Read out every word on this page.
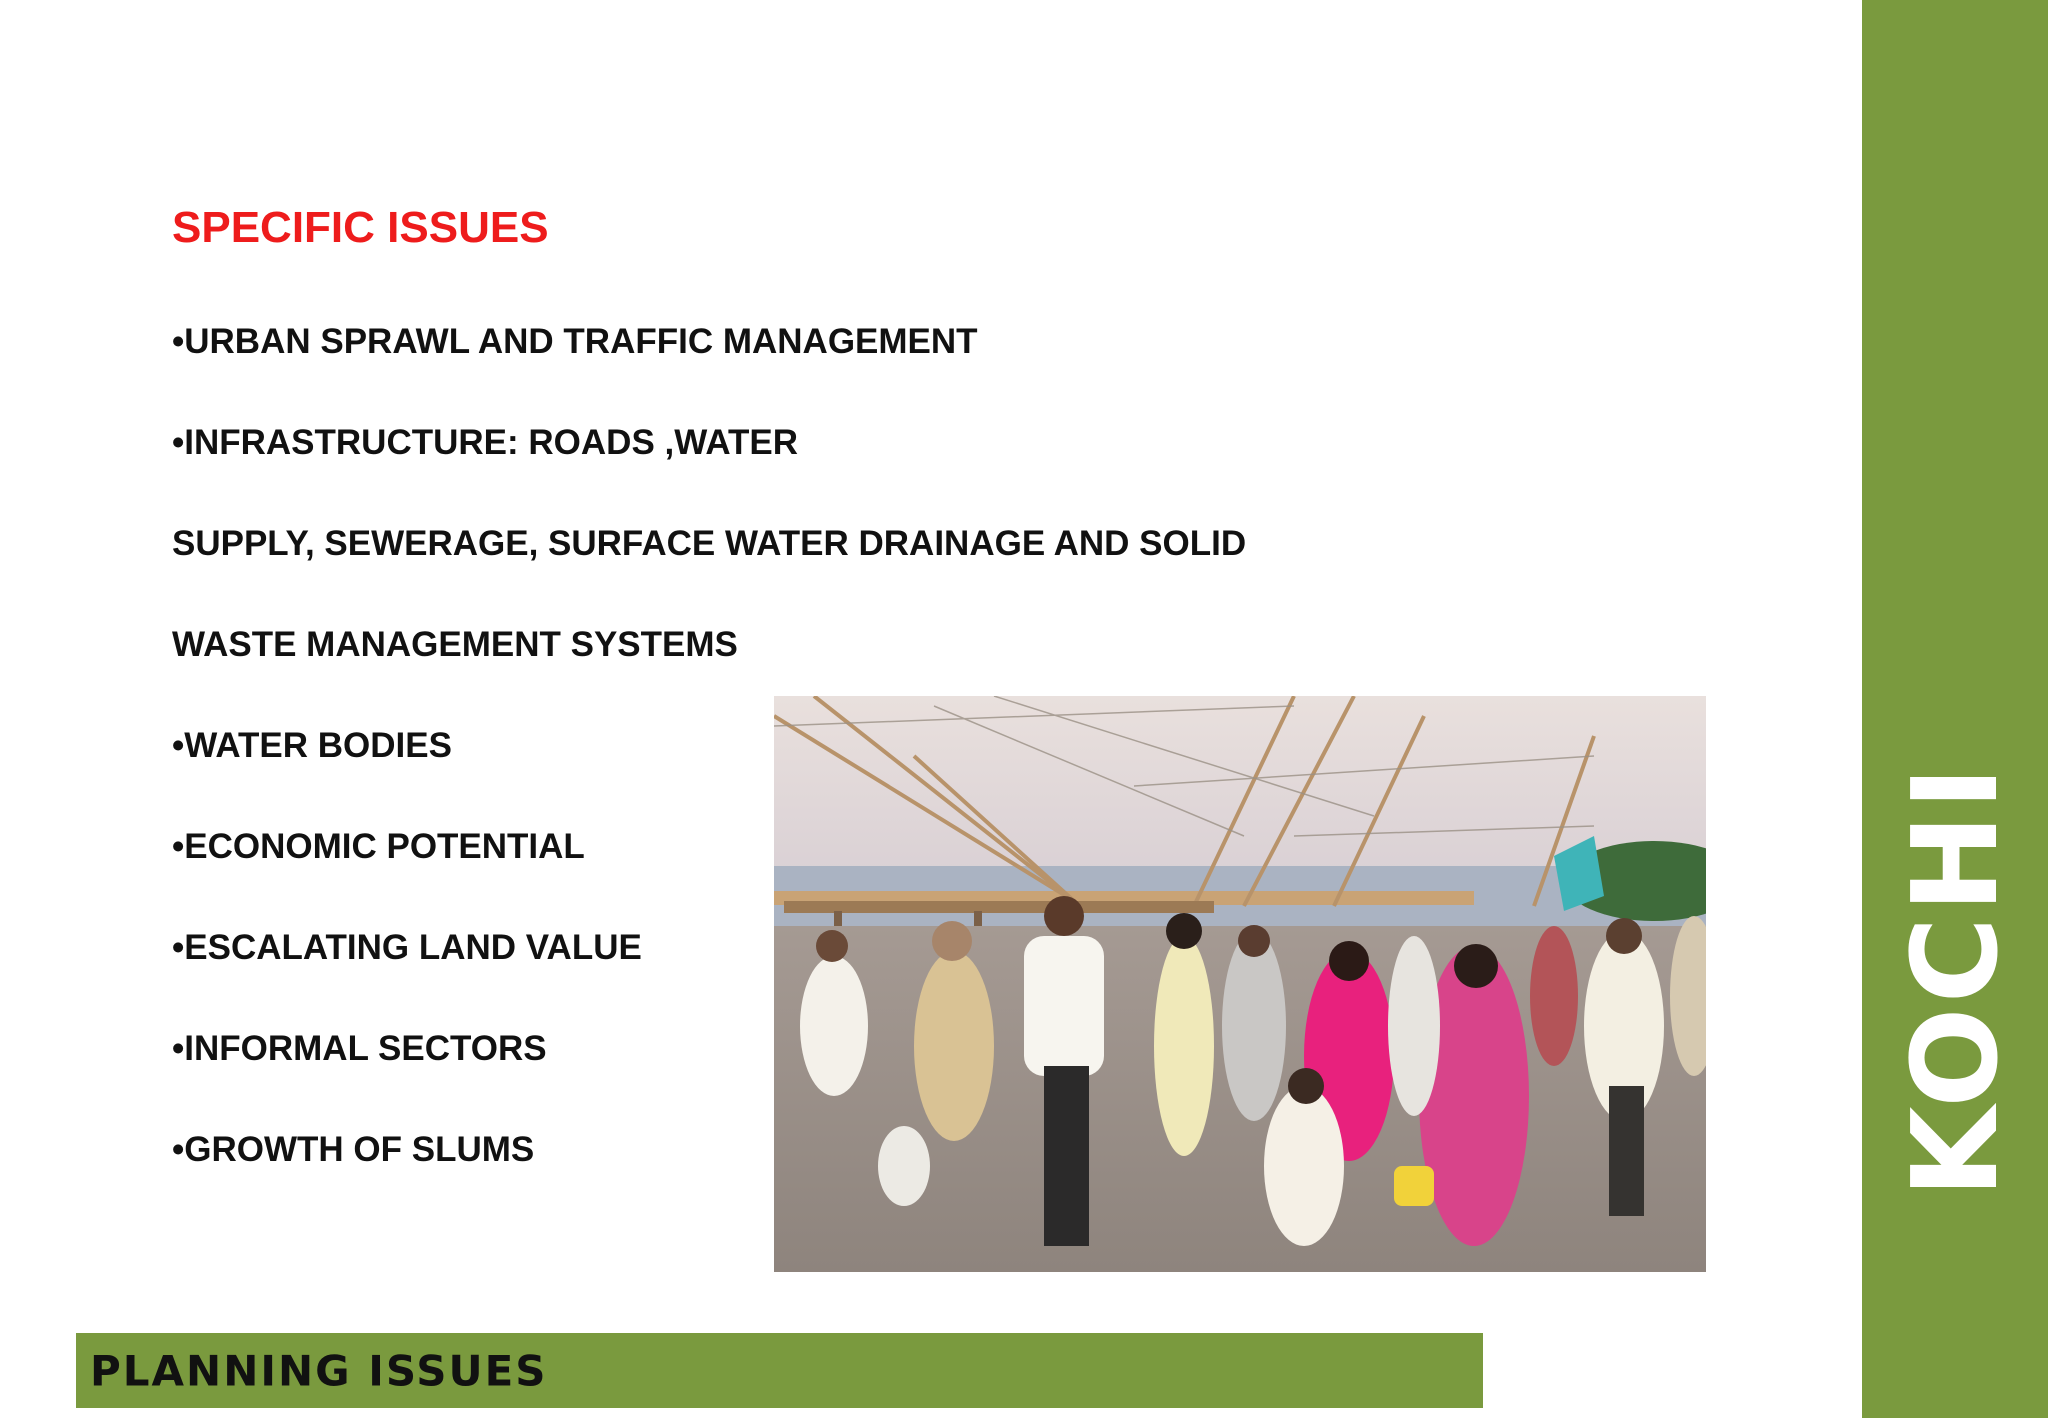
KOCHI
SPECIFIC ISSUES

•URBAN SPRAWL AND TRAFFIC MANAGEMENT

•INFRASTRUCTURE: ROADS ,WATER

SUPPLY, SEWERAGE, SURFACE WATER DRAINAGE AND SOLID

WASTE MANAGEMENT SYSTEMS

•WATER BODIES

•ECONOMIC POTENTIAL

•ESCALATING LAND VALUE

•INFORMAL SECTORS

•GROWTH OF SLUMS

PLANNING ISSUES
